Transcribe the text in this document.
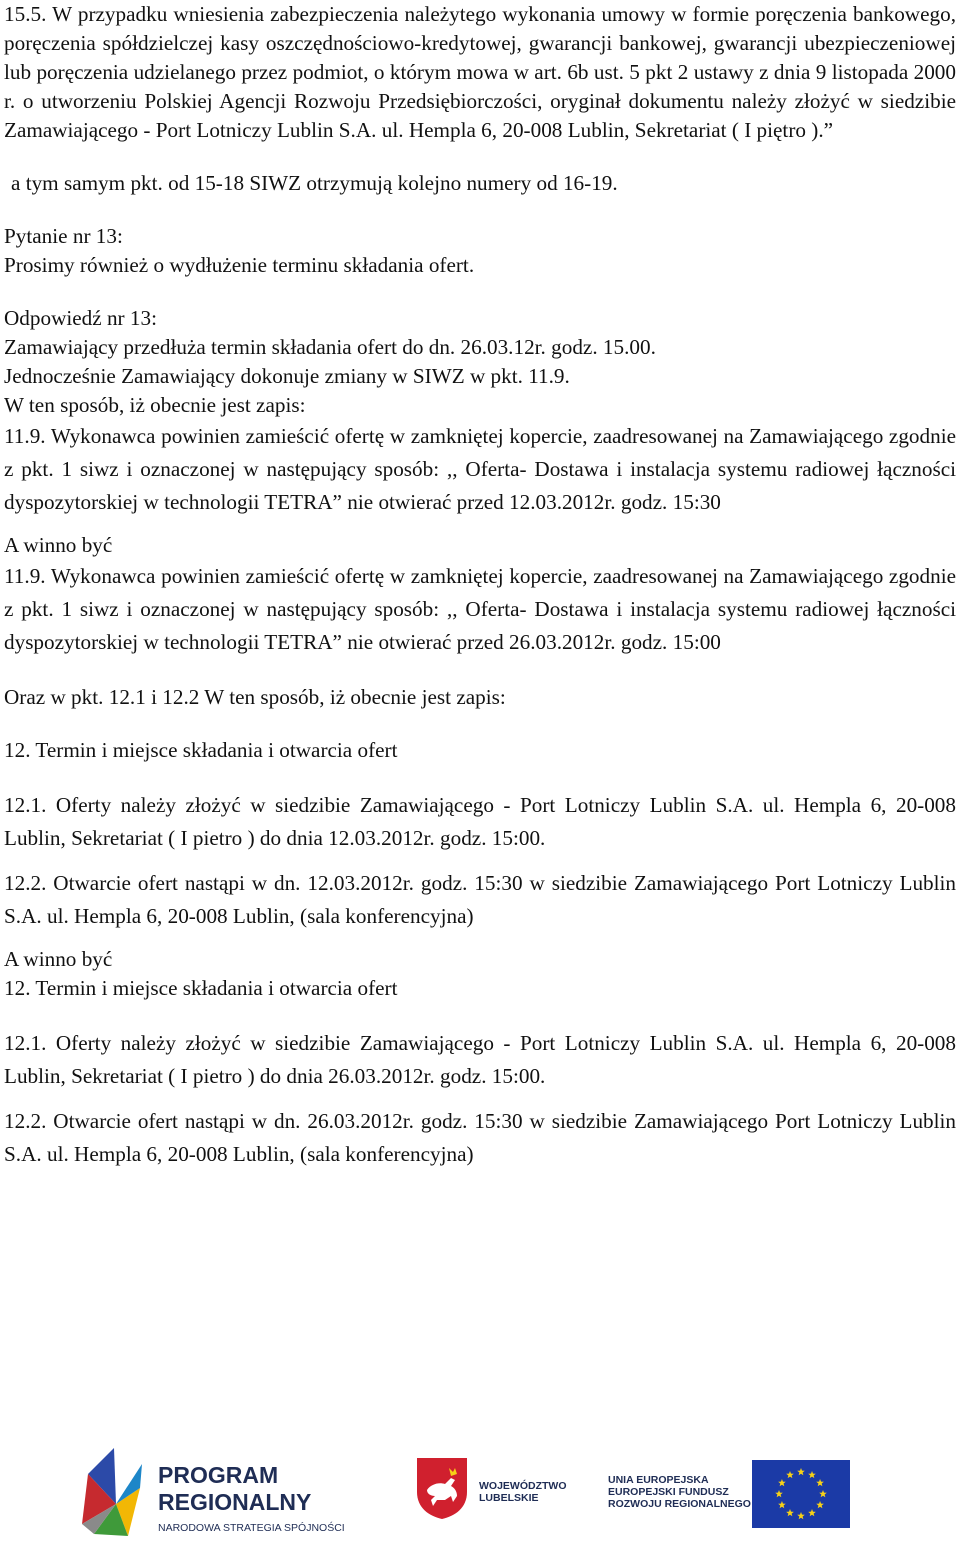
15.5. W przypadku wniesienia zabezpieczenia należytego wykonania umowy w formie poręczenia bankowego, poręczenia spółdzielczej kasy oszczędnościowo-kredytowej, gwarancji bankowej, gwarancji ubezpieczeniowej lub poręczenia udzielanego przez podmiot, o którym mowa w art. 6b ust. 5 pkt 2 ustawy z dnia 9 listopada 2000 r. o utworzeniu Polskiej Agencji Rozwoju Przedsiębiorczości, oryginał dokumentu należy złożyć w siedzibie Zamawiającego - Port Lotniczy Lublin S.A. ul. Hempla 6, 20-008 Lublin, Sekretariat ( I piętro ).”

a tym samym pkt. od 15-18 SIWZ otrzymują kolejno numery od 16-19.

Pytanie nr 13:

Prosimy również o wydłużenie terminu składania ofert.

Odpowiedź nr 13:

Zamawiający przedłuża termin składania ofert do dn. 26.03.12r. godz. 15.00.

Jednocześnie Zamawiający dokonuje zmiany w SIWZ w pkt. 11.9.

W ten sposób, iż obecnie jest zapis:

11.9. Wykonawca powinien zamieścić ofertę w zamkniętej kopercie, zaadresowanej na Zamawiającego zgodnie z pkt. 1 siwz i oznaczonej w następujący sposób: ,, Oferta- Dostawa i instalacja systemu radiowej łączności dyspozytorskiej w technologii TETRA” nie otwierać przed 12.03.2012r. godz. 15:30

A winno być

11.9. Wykonawca powinien zamieścić ofertę w zamkniętej kopercie, zaadresowanej na Zamawiającego zgodnie z pkt. 1 siwz i oznaczonej w następujący sposób: ,, Oferta- Dostawa i instalacja systemu radiowej łączności dyspozytorskiej w technologii TETRA” nie otwierać przed 26.03.2012r. godz. 15:00

Oraz w pkt. 12.1 i 12.2 W ten sposób, iż obecnie jest zapis:

12. Termin i miejsce składania i otwarcia ofert

12.1. Oferty należy złożyć w siedzibie Zamawiającego - Port Lotniczy Lublin S.A. ul. Hempla 6, 20-008 Lublin, Sekretariat ( I pietro ) do dnia 12.03.2012r. godz. 15:00.

12.2. Otwarcie ofert nastąpi w dn. 12.03.2012r. godz. 15:30 w siedzibie Zamawiającego Port Lotniczy Lublin S.A. ul. Hempla 6, 20-008 Lublin, (sala konferencyjna)

A winno być

12. Termin i miejsce składania i otwarcia ofert

12.1. Oferty należy złożyć w siedzibie Zamawiającego - Port Lotniczy Lublin S.A. ul. Hempla 6, 20-008 Lublin, Sekretariat ( I pietro ) do dnia 26.03.2012r. godz. 15:00.

12.2. Otwarcie ofert nastąpi w dn. 26.03.2012r. godz. 15:30 w siedzibie Zamawiającego Port Lotniczy Lublin S.A. ul. Hempla 6, 20-008 Lublin, (sala konferencyjna)

PROGRAM
REGIONALNY
NARODOWA STRATEGIA SPÓJNOŚCI
WOJEWÓDZTWO
LUBELSKIE
UNIA EUROPEJSKA
EUROPEJSKI FUNDUSZ
ROZWOJU REGIONALNEGO
